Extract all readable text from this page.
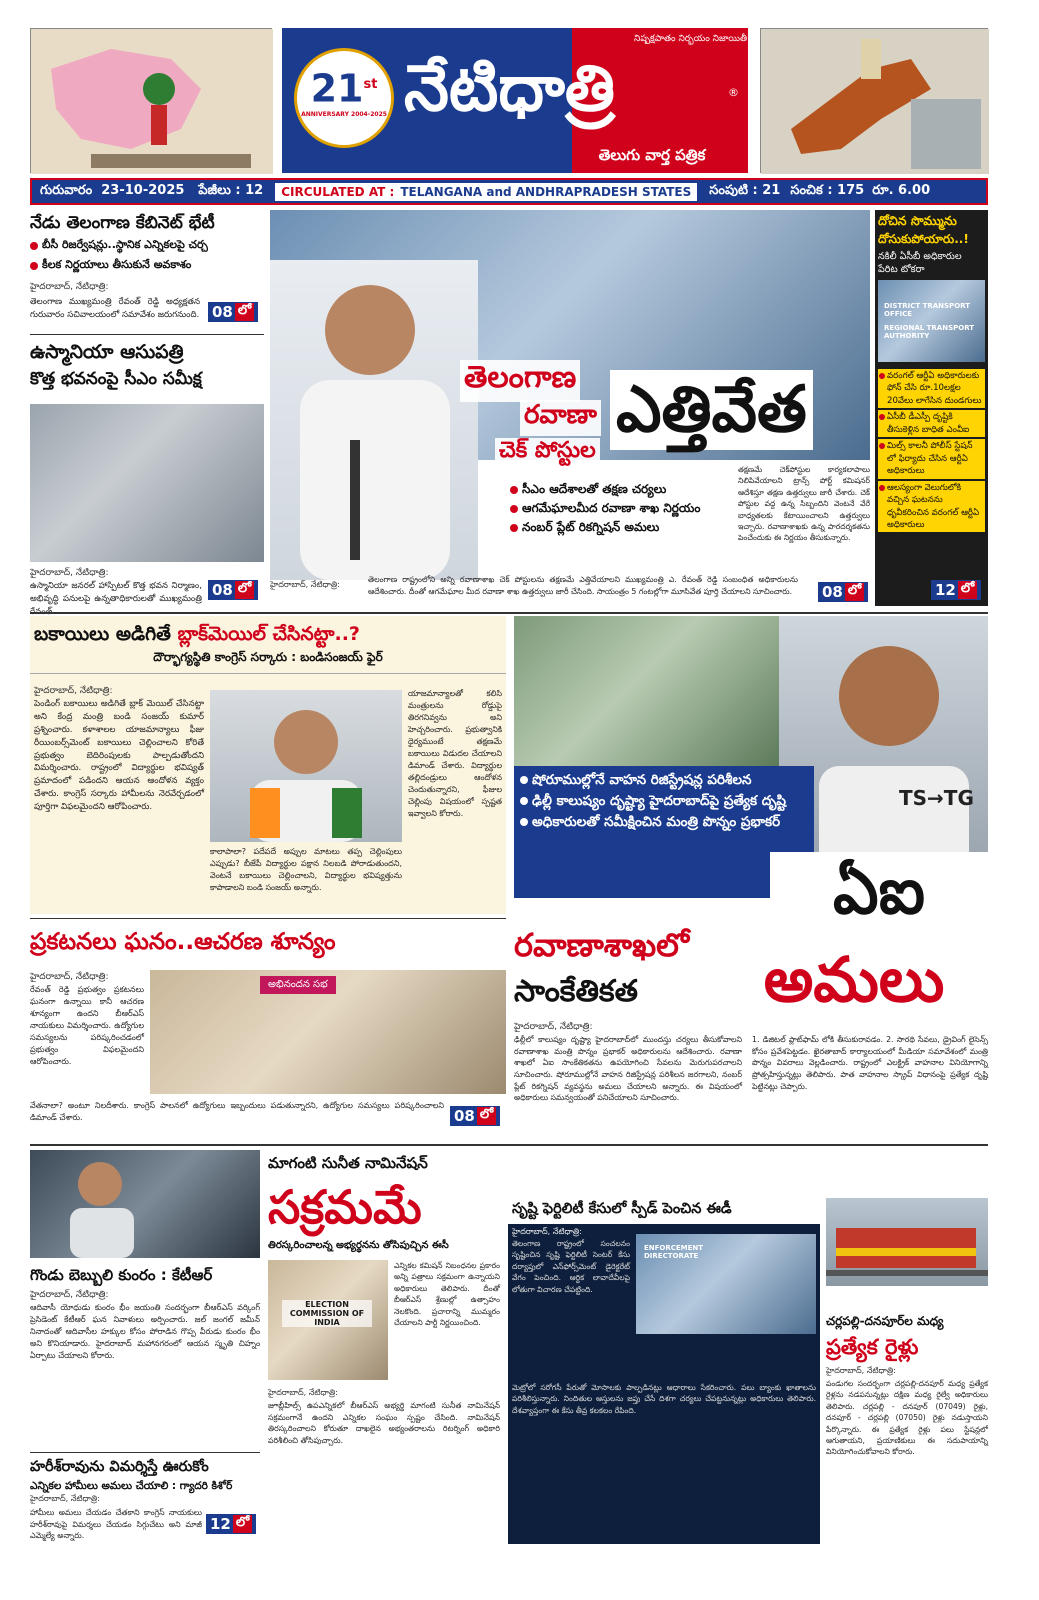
నిష్పక్షపాతం నిర్భయం నిజాయితీ
21st
ANNIVERSARY 2004-2025 నేటిధాత్రి	®
తెలుగు వార్త పత్రిక
గురువారం  23-10-2025	పేజీలు : 12	CIRCULATED AT : TELANGANA and ANDHRAPRADESH STATES	సంపుటి : 21 సంచిక : 175 రూ. 6.00
నేడు తెలంగాణ కేబినెట్ భేటీ
బీసీ రిజర్వేషన్లు..స్థానిక ఎన్నికలపై చర్చ
కీలక నిర్ణయాలు తీసుకునే అవకాశం
హైదరాబాద్, నేటిధాత్రి:
తెలంగాణ ముఖ్యమంత్రి రేవంత్ రెడ్డి అధ్యక్షతన గురువారం సచివాలయంలో సమావేశం జరుగనుంది. 08 లో
ఉస్మానియా ఆసుపత్రి
కొత్త భవనంపై సీఎం సమీక్ష
హైదరాబాద్, నేటిధాత్రి:
ఉస్మానియా జనరల్ హాస్పిటల్ కొత్త భవన నిర్మాణం, అభివృద్ధి పనులపై ఉన్నతాధికారులతో ముఖ్యమంత్రి 08 లో
తెలంగాణ
రవాణా
చెక్ పోస్టుల
ఎత్తివేత
సీఎం ఆదేశాలతో తక్షణ చర్యలు
ఆగమేఘాలమీద రవాణా శాఖ నిర్ణయం
నంబర్ ప్లేట్ రికగ్నిషన్ అమలు
తక్షణమే చెక్‌పోస్టుల కార్యకలాపాలు నిలిపివేయాలని ట్రాన్స్ పోర్ట్ కమిషనర్ ఆదేశిస్తూ తక్షణ ఉత్తర్వులు జారీ చేశారు. చెక్ పోస్టుల వద్ద ఉన్న సిబ్బందిని వెంటనే వేరే బాధ్యతలకు కేటాయించాలని ఉత్తర్వులు ఇచ్చారు. రవాణాశాఖకు ఉన్న పారదర్శకతను పెంచేందుకు ఈ నిర్ణయం తీసుకున్నారు.
హైదరాబాద్, నేటిధాత్రి:
తెలంగాణ రాష్ట్రంలోని అన్ని రవాణాశాఖ చెక్ పోస్టులను తక్షణమే ఎత్తివేయాలని ముఖ్యమంత్రి ఎ. రేవంత్ రెడ్డి సంబంధిత అధికారులను ఆదేశించారు. దీంతో ఆగమేఘాల మీద రవాణా శాఖ ఉత్తర్వులు జారీ చేసింది. సాయంత్రం 5 గంటల్లోగా మూసివేత పూర్తి చేయాలని సూచించారు.	08 లో
దోచిన సొమ్మును
దోసుకుపోయారు..!
నకిలీ ఏసీబీ అధికారుల
పేరిట టోకరా
DISTRICT TRANSPORT OFFICE
REGIONAL TRANSPORT AUTHORITY
వరంగల్ ఆర్టీఏ అధికారులకు ఫోన్ చేసి రూ.10లక్షల 20వేలు లాగేసిన దుండగులు
ఏసీబీ డీఎస్పీ దృష్టికి తీసుకెళ్లిన బాధిత ఎంవీఐ
మిల్స్ కాలనీ పోలీస్ స్టేషన్ లో ఫిర్యాదు చేసిన ఆర్టీఏ అధికారులు
ఆలస్యంగా వెలుగులోకి వచ్చిన ఘటనను ధృవీకరించిన వరంగల్ ఆర్టీఏ అధికారులు
12 లో
బకాయిలు అడిగితే బ్లాక్‌మెయిల్ చేసినట్టా..?
దౌర్భాగ్యస్థితి కాంగ్రెస్ సర్కారు : బండిసంజయ్ ఫైర్
హైదరాబాద్, నేటిధాత్రి:
పెండింగ్ బకాయిలు అడిగితే బ్లాక్ మెయిల్ చేసినట్టా అని కేంద్ర మంత్రి బండి సంజయ్ కుమార్ ప్రశ్నించారు. కళాశాలల యాజమాన్యాలు ఫీజు రీయింబర్స్‌మెంట్ బకాయిలు చెల్లించాలని కోరితే ప్రభుత్వం బెదిరింపులకు పాల్పడుతోందని విమర్శించారు. రాష్ట్రంలో విద్యార్థుల భవిష్యత్ ప్రమాదంలో పడిందని ఆయన ఆందోళన వ్యక్తం చేశారు. కాంగ్రెస్ సర్కారు హామీలను నెరవేర్చడంలో పూర్తిగా విఫలమైందని ఆరోపించారు.
యాజమాన్యాలతో కలిసి మంత్రులను రోడ్డుపై తిరగనివ్వను అని హెచ్చరించారు. ప్రభుత్వానికి ధైర్యముంటే తక్షణమే బకాయిలు విడుదల చేయాలని డిమాండ్ చేశారు. విద్యార్థుల తల్లిదండ్రులు ఆందోళన చెందుతున్నారని, ఫీజుల చెల్లింపు విషయంలో స్పష్టత ఇవ్వాలని కోరారు.
కాలాపాలా? పదేపదే అప్పుల మాటలు తప్ప చెల్లింపులు ఎప్పుడు? బీజేపీ విద్యార్థుల పక్షాన నిలబడి పోరాడుతుందని, వెంటనే బకాయిలు చెల్లించాలని, విద్యార్థుల భవిష్యత్తును కాపాడాలని బండి సంజయ్ అన్నారు.
TS→TG
షోరూముల్లోనే వాహన రిజిస్ట్రేషన్ల పరిశీలన
ఢిల్లీ కాలుష్యం దృష్ట్యా హైదరాబాద్‌పై ప్రత్యేక దృష్టి
అధికారులతో సమీక్షించిన మంత్రి పొన్నం ప్రభాకర్
ఏఐ
రవాణాశాఖలో
సాంకేతికత	అమలు
హైదరాబాద్, నేటిధాత్రి:
ఢిల్లీలో కాలుష్యం దృష్ట్యా హైదరాబాద్‌లో ముందస్తు చర్యలు తీసుకోవాలని రవాణాశాఖ మంత్రి పొన్నం ప్రభాకర్ అధికారులను ఆదేశించారు. రవాణా శాఖలో ఏఐ సాంకేతికతను ఉపయోగించి సేవలను మెరుగుపరచాలని సూచించారు. షోరూముల్లోనే వాహన రిజిస్ట్రేషన్ల పరిశీలన జరగాలని, నంబర్ ప్లేట్ రికగ్నిషన్ వ్యవస్థను అమలు చేయాలని అన్నారు. ఈ విషయంలో అధికారులు సమన్వయంతో పనిచేయాలని సూచించారు.
1. డిజిటల్ ప్లాట్‌ఫామ్ లోకి తీసుకురావడం. 2. సారథి సేవలు, డ్రైవింగ్ లైసెన్స్ కోసం ప్రవేశపెట్టడం. ఖైరతాబాద్ కార్యాలయంలో మీడియా సమావేశంలో మంత్రి పొన్నం వివరాలు వెల్లడించారు. రాష్ట్రంలో ఎలక్ట్రిక్ వాహనాల వినియోగాన్ని ప్రోత్సహిస్తున్నట్లు తెలిపారు. పాత వాహనాల స్క్రాప్ విధానంపై ప్రత్యేక దృష్టి పెట్టినట్లు చెప్పారు.
ప్రకటనలు ఘనం..ఆచరణ శూన్యం
హైదరాబాద్, నేటిధాత్రి:
రేవంత్ రెడ్డి ప్రభుత్వం ప్రకటనలు ఘనంగా ఉన్నాయి కానీ ఆచరణ శూన్యంగా ఉందని బీఆర్ఎస్ నాయకులు విమర్శించారు. ఉద్యోగుల సమస్యలను పరిష్కరించడంలో ప్రభుత్వం విఫలమైందని ఆరోపించారు.
అభినందన సభ
వేతనాలా? అంటూ నిలదీశారు. కాంగ్రెస్ పాలనలో ఉద్యోగులు ఇబ్బందులు పడుతున్నారని, ఉద్యోగుల సమస్యలు పరిష్కరించాలని డిమాండ్ చేశారు.	08 లో
గొండు బెబ్బులి కుంరం : కేటీఆర్
హైదరాబాద్, నేటిధాత్రి:
ఆదివాసీ యోధుడు కుంరం భీం జయంతి సందర్భంగా బీఆర్ఎస్ వర్కింగ్ ప్రెసిడెంట్ కేటీఆర్ ఘన నివాళులు అర్పించారు. జల్ జంగల్ జమీన్ నినాదంతో ఆదివాసీల హక్కుల కోసం పోరాడిన గొప్ప వీరుడు కుంరం భీం అని కొనియాడారు. హైదరాబాద్ మహానగరంలో ఆయన స్మృతి చిహ్నం ఏర్పాటు చేయాలని కోరారు.
హరీశ్‌రావును విమర్శిస్తే ఊరుకోం
ఎన్నికల హామీలు అమలు చేయాలి : గ్యాదరి కిశోర్
హైదరాబాద్, నేటిధాత్రి:
హామీలు అమలు చేయడం చేతకాని కాంగ్రెస్ నాయకులు హరీశ్‌రావుపై విమర్శలు చేయడం సిగ్గుచేటు అని మాజీ ఎమ్మెల్యే అన్నారు.
12 లో
మాగంటి సునీత నామినేషన్
సక్రమమే
తిరస్కరించాలన్న అభ్యర్థనను తోసిపుచ్చిన ఈసీ
ELECTION COMMISSION OF INDIA
ఎన్నికల కమిషన్ నిబంధనల ప్రకారం అన్ని పత్రాలు సక్రమంగా ఉన్నాయని అధికారులు తెలిపారు. దీంతో బీఆర్ఎస్ శ్రేణుల్లో ఉత్సాహం నెలకొంది. ప్రచారాన్ని ముమ్మరం చేయాలని పార్టీ నిర్ణయించింది.
హైదరాబాద్, నేటిధాత్రి:
జూబ్లీహిల్స్ ఉపఎన్నికలో బీఆర్ఎస్ అభ్యర్థి మాగంటి సునీత నామినేషన్ సక్రమంగానే ఉందని ఎన్నికల సంఘం స్పష్టం చేసింది. నామినేషన్ తిరస్కరించాలని కోరుతూ దాఖలైన అభ్యంతరాలను రిటర్నింగ్ అధికారి పరిశీలించి తోసిపుచ్చారు.
సృష్టి ఫెర్టిలిటీ కేసులో స్పీడ్ పెంచిన ఈడీ
హైదరాబాద్, నేటిధాత్రి:
తెలంగాణ రాష్ట్రంలో సంచలనం సృష్టించిన సృష్టి ఫెర్టిలిటీ సెంటర్ కేసు దర్యాప్తులో ఎన్‌ఫోర్స్‌మెంట్ డైరెక్టరేట్ వేగం పెంచింది. ఆర్థిక లావాదేవీలపై లోతుగా విచారణ చేపట్టింది.
ENFORCEMENT DIRECTORATE
మెట్రోలో సరోగసీ పేరుతో మోసాలకు పాల్పడినట్లు ఆధారాలు సేకరించారు. పలు బ్యాంకు ఖాతాలను పరిశీలిస్తున్నారు. నిందితుల ఆస్తులను జప్తు చేసే దిశగా చర్యలు చేపట్టనున్నట్లు అధికారులు తెలిపారు. దేశవ్యాప్తంగా ఈ కేసు తీవ్ర కలకలం రేపింది.
చర్లపల్లి-దనపూర్‌ల మధ్య
ప్రత్యేక రైళ్లు
హైదరాబాద్, నేటిధాత్రి:
పండుగల సందర్భంగా చర్లపల్లి-దనపూర్ మధ్య ప్రత్యేక రైళ్లను నడపనున్నట్లు దక్షిణ మధ్య రైల్వే అధికారులు తెలిపారు. చర్లపల్లి - దనపూర్ (07049) రైళ్లు, దనపూర్ - చర్లపల్లి (07050) రైళ్లు నడుస్తాయని పేర్కొన్నారు. ఈ ప్రత్యేక రైళ్లు పలు స్టేషన్లలో ఆగుతాయని, ప్రయాణికులు ఈ సదుపాయాన్ని వినియోగించుకోవాలని కోరారు.
